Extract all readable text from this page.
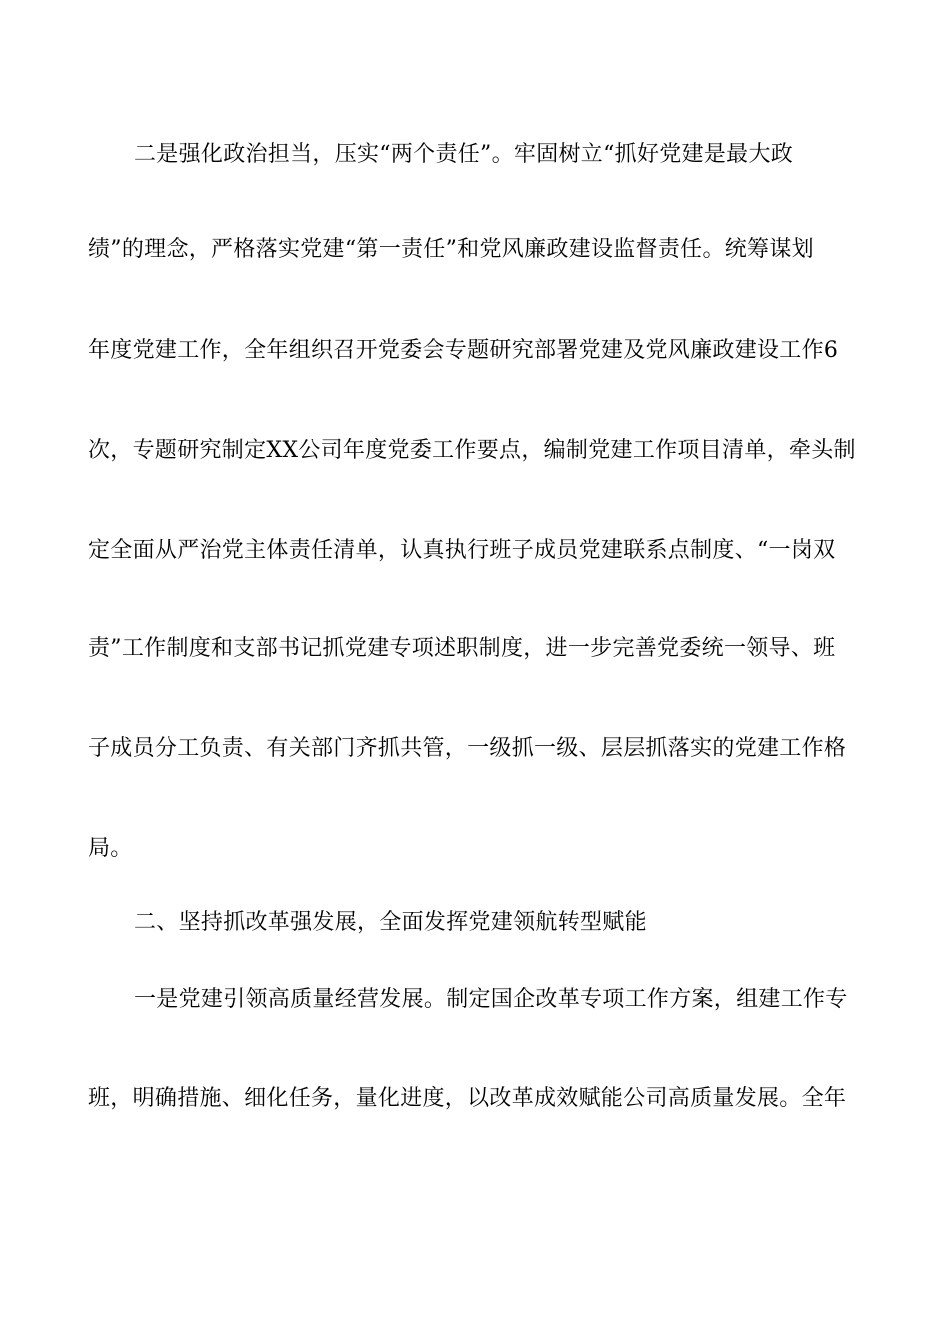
二是强化政治担当，压实“两个责任”。牢固树立“抓好党建是最大政
绩”的理念，严格落实党建“第一责任”和党风廉政建设监督责任。统筹谋划
年度党建工作，全年组织召开党委会专题研究部署党建及党风廉政建设工作6
次，专题研究制定XX公司年度党委工作要点，编制党建工作项目清单，牵头制
定全面从严治党主体责任清单，认真执行班子成员党建联系点制度、“一岗双
责”工作制度和支部书记抓党建专项述职制度，进一步完善党委统一领导、班
子成员分工负责、有关部门齐抓共管，一级抓一级、层层抓落实的党建工作格
局。
二、坚持抓改革强发展，全面发挥党建领航转型赋能
一是党建引领高质量经营发展。制定国企改革专项工作方案，组建工作专
班，明确措施、细化任务，量化进度，以改革成效赋能公司高质量发展。全年
